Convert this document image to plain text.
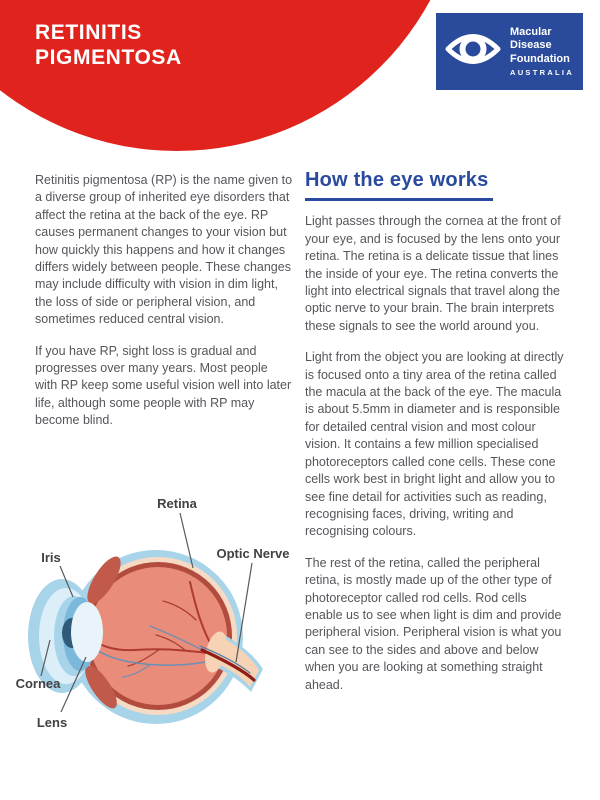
RETINITIS
PIGMENTOSA
Macular
Disease
Foundation
AUSTRALIA

Retinitis pigmentosa (RP) is the name given to a diverse group of inherited eye disorders that affect the retina at the back of the eye. RP causes permanent changes to your vision but how quickly this happens and how it changes differs widely between people. These changes may include difficulty with vision in dim light, the loss of side or peripheral vision, and sometimes reduced central vision.

If you have RP, sight loss is gradual and progresses over many years. Most people with RP keep some useful vision well into later life, although some people with RP may become blind.

How the eye works

Light passes through the cornea at the front of your eye, and is focused by the lens onto your retina. The retina is a delicate tissue that lines the inside of your eye. The retina converts the light into electrical signals that travel along the optic nerve to your brain. The brain interprets these signals to see the world around you.

Light from the object you are looking at directly is focused onto a tiny area of the retina called the macula at the back of the eye. The macula is about 5.5mm in diameter and is responsible for detailed central vision and most colour vision. It contains a few million specialised photoreceptors called cone cells. These cone cells work best in bright light and allow you to see fine detail for activities such as reading, recognising faces, driving, writing and recognising colours.

The rest of the retina, called the peripheral retina, is mostly made up of the other type of photoreceptor called rod cells. Rod cells enable us to see when light is dim and provide peripheral vision. Peripheral vision is what you can see to the sides and above and below when you are looking at something straight ahead.

Retina
Iris	Optic Nerve
Cornea
Lens
